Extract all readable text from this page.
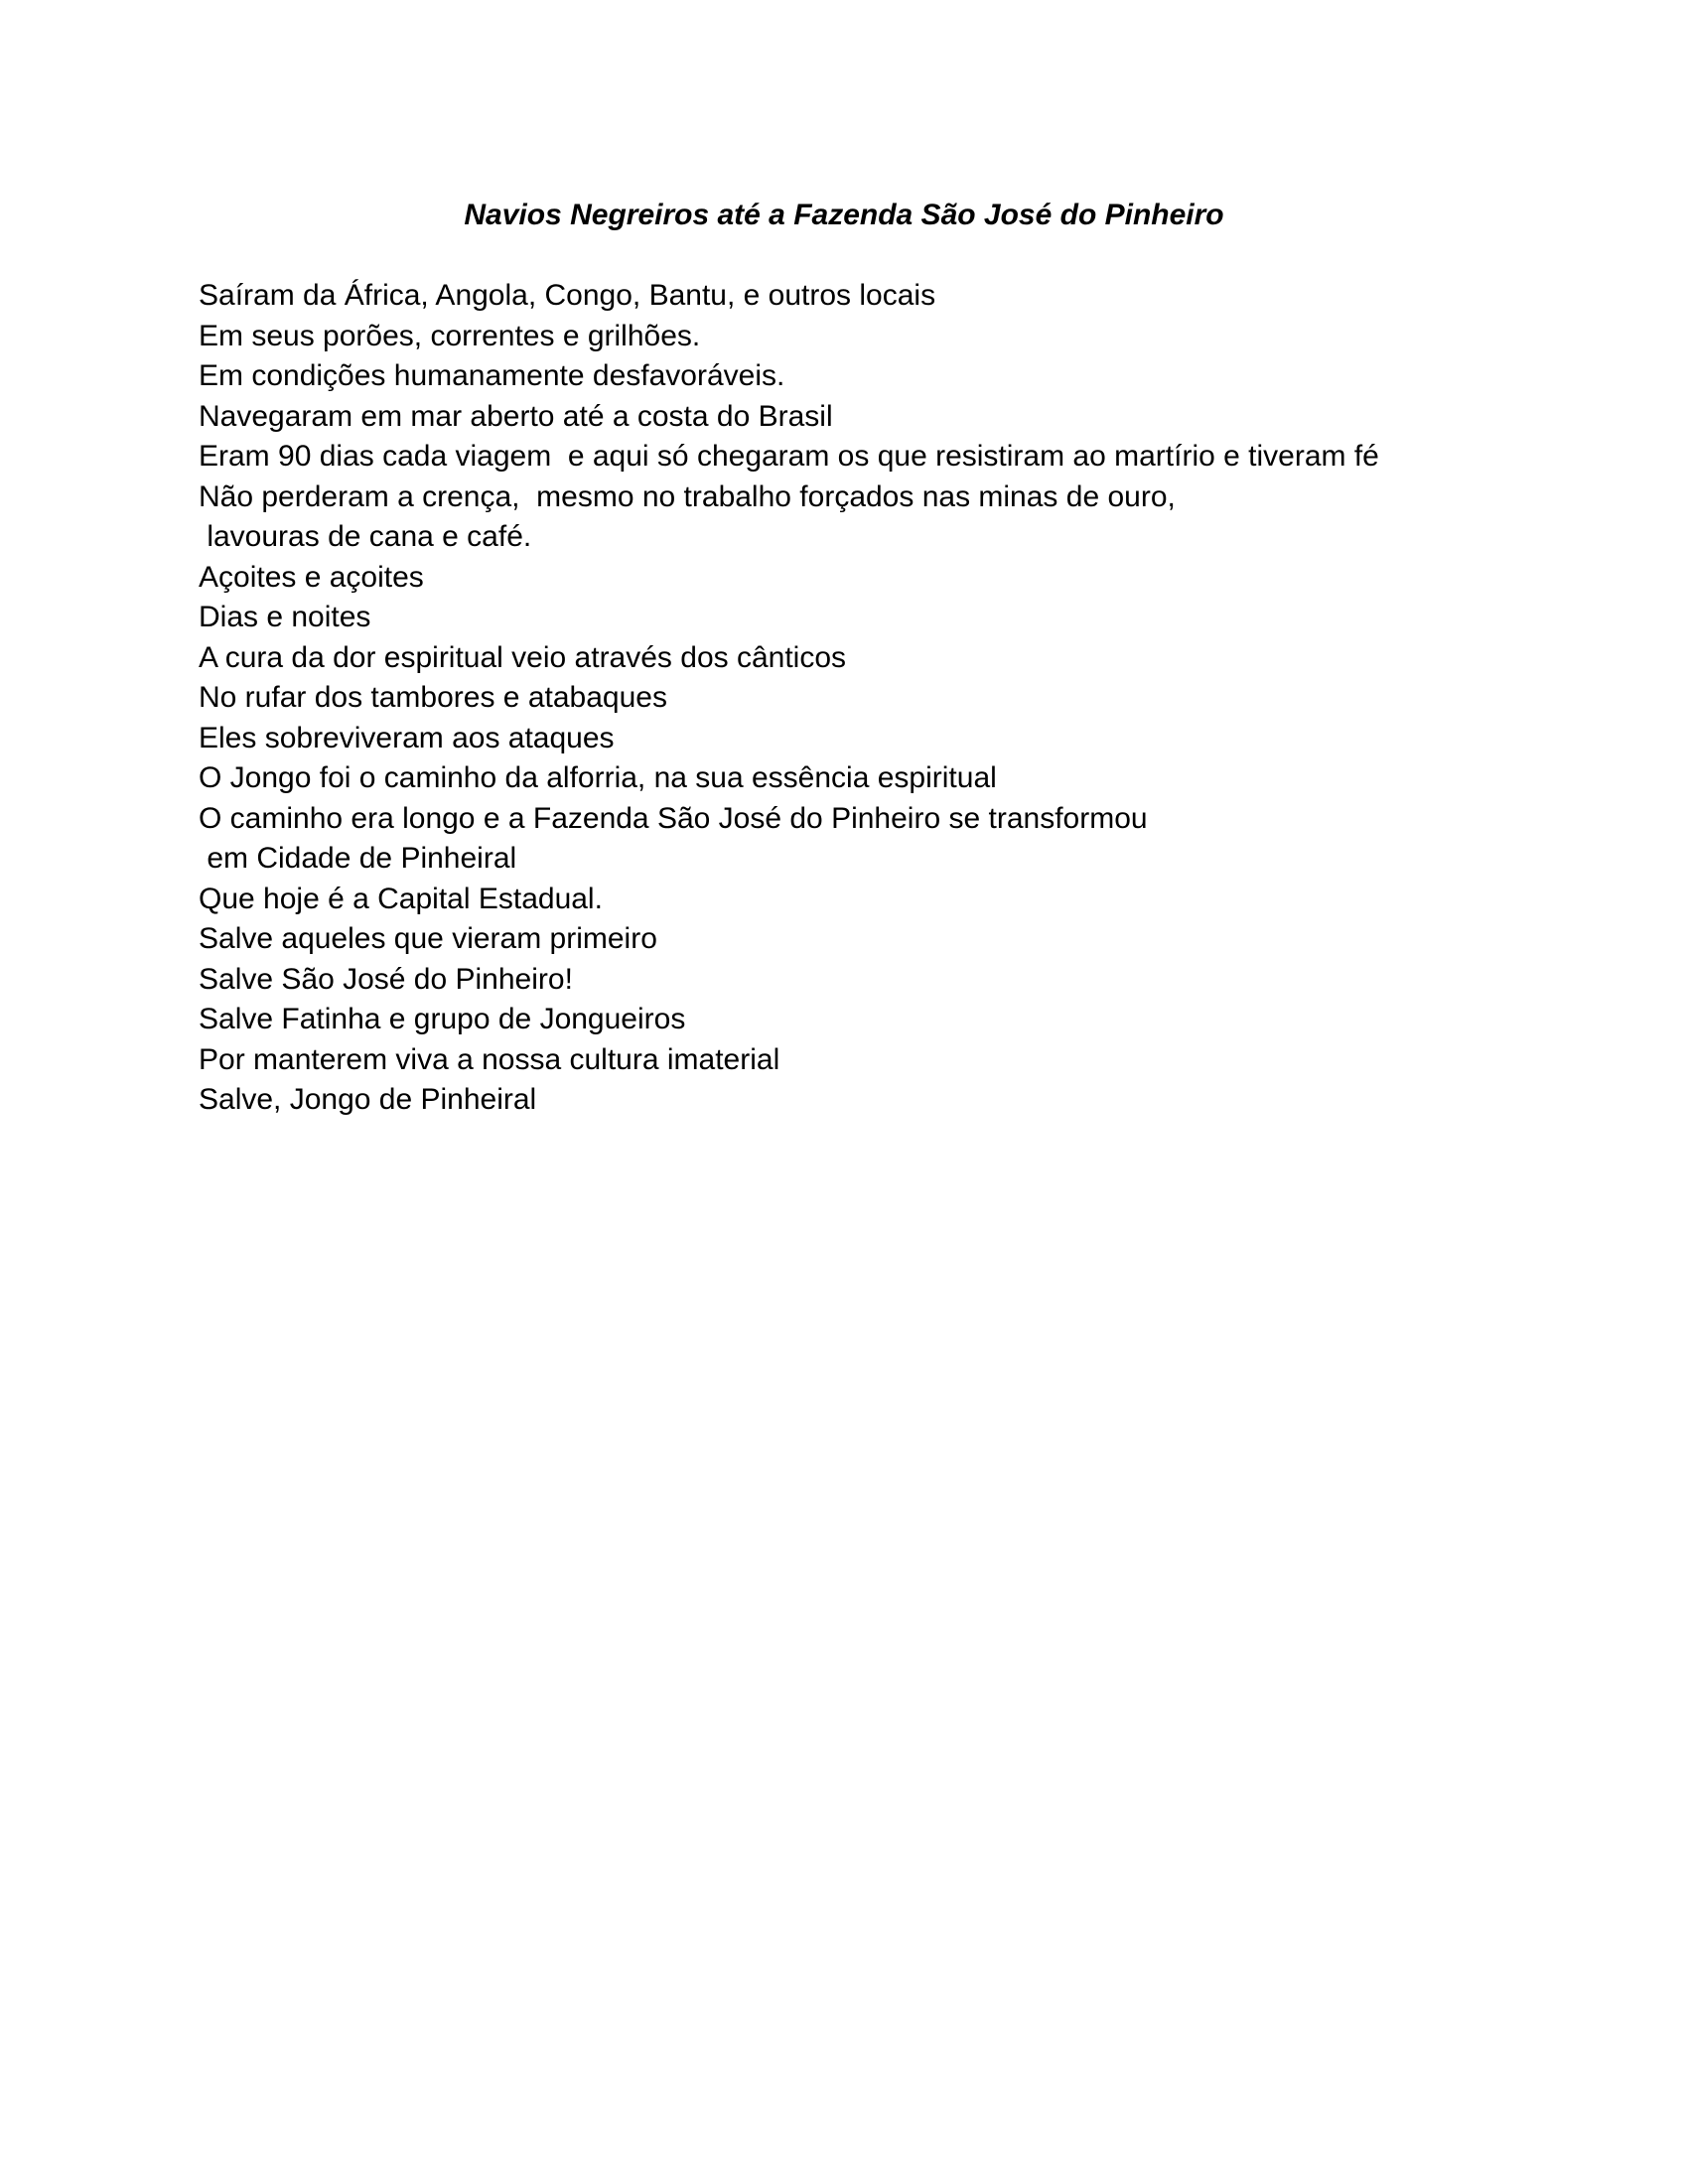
Navios Negreiros até a Fazenda São José do Pinheiro
Saíram da África, Angola, Congo, Bantu, e outros locais
Em seus porões, correntes e grilhões.
Em condições humanamente desfavoráveis.
Navegaram em mar aberto até a costa do Brasil
Eram 90 dias cada viagem  e aqui só chegaram os que resistiram ao martírio e tiveram fé
Não perderam a crença,  mesmo no trabalho forçados nas minas de ouro,
lavouras de cana e café.
Açoites e açoites
Dias e noites
A cura da dor espiritual veio através dos cânticos
No rufar dos tambores e atabaques
Eles sobreviveram aos ataques
O Jongo foi o caminho da alforria, na sua essência espiritual
O caminho era longo e a Fazenda São José do Pinheiro se transformou
em Cidade de Pinheiral
Que hoje é a Capital Estadual.
Salve aqueles que vieram primeiro
Salve São José do Pinheiro!
Salve Fatinha e grupo de Jongueiros
Por manterem viva a nossa cultura imaterial
Salve, Jongo de Pinheiral
